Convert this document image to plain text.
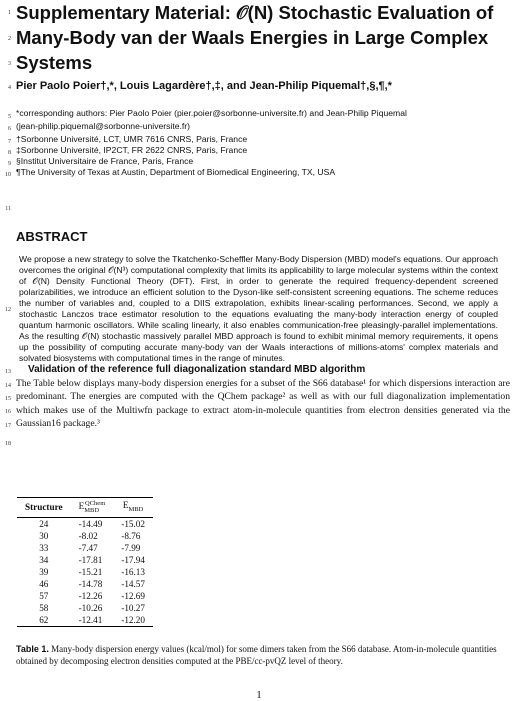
1
2
3
4
5
6
7
8
9
10
11
12
13
14
15
16
17
18
Supplementary Material: 𝒪(N) Stochastic Evaluation of Many-Body van der Waals Energies in Large Complex Systems
Pier Paolo Poier†,*, Louis Lagardère†,‡, and Jean-Philip Piquemal†,§,¶,*
*corresponding authors: Pier Paolo Poier (pier.poier@sorbonne-universite.fr) and Jean-Philip Piquemal
(jean-philip.piquemal@sorbonne-universite.fr)
†Sorbonne Université, LCT, UMR 7616 CNRS, Paris, France
‡Sorbonne Université, IP2CT, FR 2622 CNRS, Paris, France
§Institut Universitaire de France, Paris, France
¶The University of Texas at Austin, Department of Biomedical Engineering, TX, USA
ABSTRACT
We propose a new strategy to solve the Tkatchenko-Scheffler Many-Body Dispersion (MBD) model's equations. Our approach overcomes the original 𝒪(N³) computational complexity that limits its applicability to large molecular systems within the context of 𝒪(N) Density Functional Theory (DFT). First, in order to generate the required frequency-dependent screened polarizabilities, we introduce an efficient solution to the Dyson-like self-consistent screening equations. The scheme reduces the number of variables and, coupled to a DIIS extrapolation, exhibits linear-scaling performances. Second, we apply a stochastic Lanczos trace estimator resolution to the equations evaluating the many-body interaction energy of coupled quantum harmonic oscillators. While scaling linearly, it also enables communication-free pleasingly-parallel implementations. As the resulting 𝒪(N) stochastic massively parallel MBD approach is found to exhibit minimal memory requirements, it opens up the possibility of computing accurate many-body van der Waals interactions of millions-atoms' complex materials and solvated biosystems with computational times in the range of minutes.
Validation of the reference full diagonalization standard MBD algorithm
The Table below displays many-body dispersion energies for a subset of the S66 database¹ for which dispersions interaction are predominant. The energies are computed with the QChem package² as well as with our full diagonalization implementation which makes use of the Multiwfn package to extract atom-in-molecule quantities from electron densities generated via the Gaussian16 package.³
Structure	$E_{MBD}^{QChem}$	$E_{MBD}$
24	-14.49	-15.02
30	-8.02	-8.76
33	-7.47	-7.99
34	-17.81	-17.94
39	-15.21	-16.13
46	-14.78	-14.57
57	-12.26	-12.69
58	-10.26	-10.27
62	-12.41	-12.20
Table 1. Many-body dispersion energy values (kcal/mol) for some dimers taken from the S66 database. Atom-in-molecule quantities obtained by decomposing electron densities computed at the PBE/cc-pvQZ level of theory.
1
